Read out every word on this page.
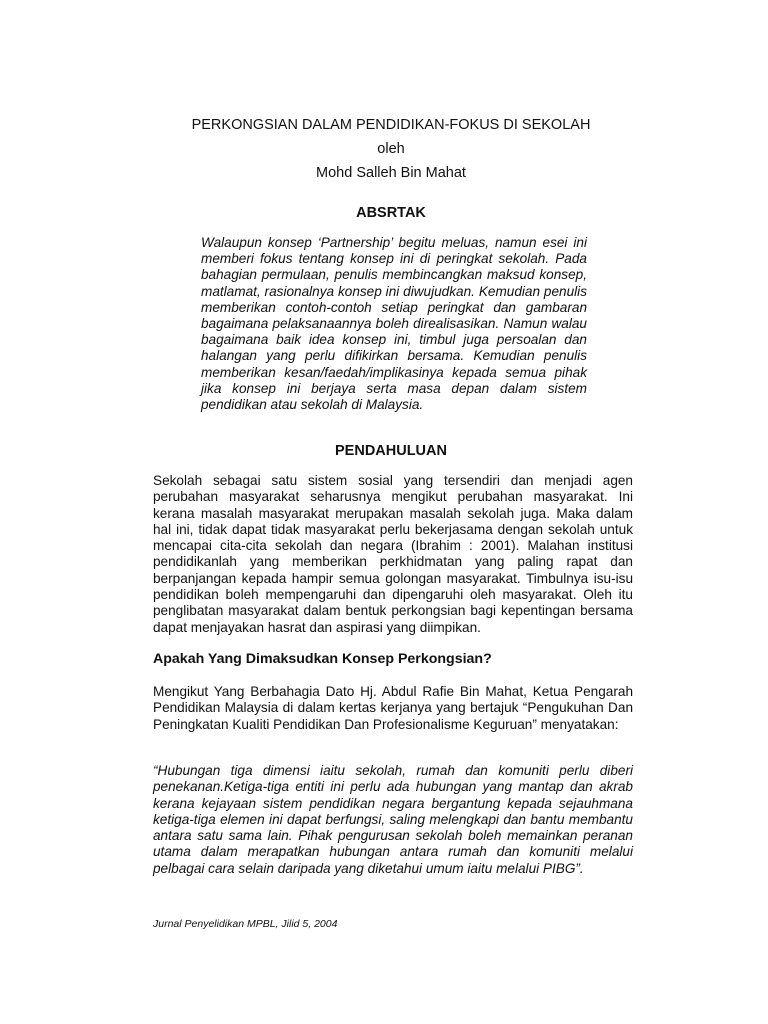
PERKONGSIAN DALAM PENDIDIKAN-FOKUS DI SEKOLAH

oleh

Mohd Salleh Bin Mahat

ABSRTAK

Walaupun konsep ‘Partnership’ begitu meluas, namun esei ini memberi fokus tentang konsep ini di peringkat sekolah. Pada bahagian permulaan, penulis membincangkan maksud konsep, matlamat, rasionalnya konsep ini diwujudkan. Kemudian penulis memberikan contoh-contoh setiap peringkat dan gambaran bagaimana pelaksanaannya boleh direalisasikan. Namun walau bagaimana baik idea konsep ini, timbul juga persoalan dan halangan yang perlu difikirkan bersama. Kemudian penulis memberikan kesan/faedah/implikasinya kepada semua pihak jika konsep ini berjaya serta masa depan dalam sistem pendidikan atau sekolah di Malaysia.

PENDAHULUAN

Sekolah sebagai satu sistem sosial yang tersendiri dan menjadi agen perubahan masyarakat seharusnya mengikut perubahan masyarakat. Ini kerana masalah masyarakat merupakan masalah sekolah juga. Maka dalam hal ini, tidak dapat tidak masyarakat perlu bekerjasama dengan sekolah untuk mencapai cita-cita sekolah dan negara (Ibrahim : 2001). Malahan institusi pendidikanlah yang memberikan perkhidmatan yang paling rapat dan berpanjangan kepada hampir semua golongan masyarakat. Timbulnya isu-isu pendidikan boleh mempengaruhi dan dipengaruhi oleh masyarakat. Oleh itu penglibatan masyarakat dalam bentuk perkongsian bagi kepentingan bersama dapat menjayakan hasrat dan aspirasi yang diimpikan.

Apakah Yang Dimaksudkan Konsep Perkongsian?

Mengikut Yang Berbahagia Dato Hj. Abdul Rafie Bin Mahat, Ketua Pengarah Pendidikan Malaysia di dalam kertas kerjanya yang bertajuk “Pengukuhan Dan Peningkatan Kualiti Pendidikan Dan Profesionalisme Keguruan” menyatakan:

“Hubungan tiga dimensi iaitu sekolah, rumah dan komuniti perlu diberi penekanan.Ketiga-tiga entiti ini perlu ada hubungan yang mantap dan akrab kerana kejayaan sistem pendidikan negara bergantung kepada sejauhmana ketiga-tiga elemen ini dapat berfungsi, saling melengkapi dan bantu membantu antara satu sama lain. Pihak pengurusan sekolah boleh memainkan peranan utama dalam merapatkan hubungan antara rumah dan komuniti melalui pelbagai cara selain daripada yang diketahui umum iaitu melalui PIBG”.

Jurnal Penyelidikan MPBL, Jilid 5, 2004
